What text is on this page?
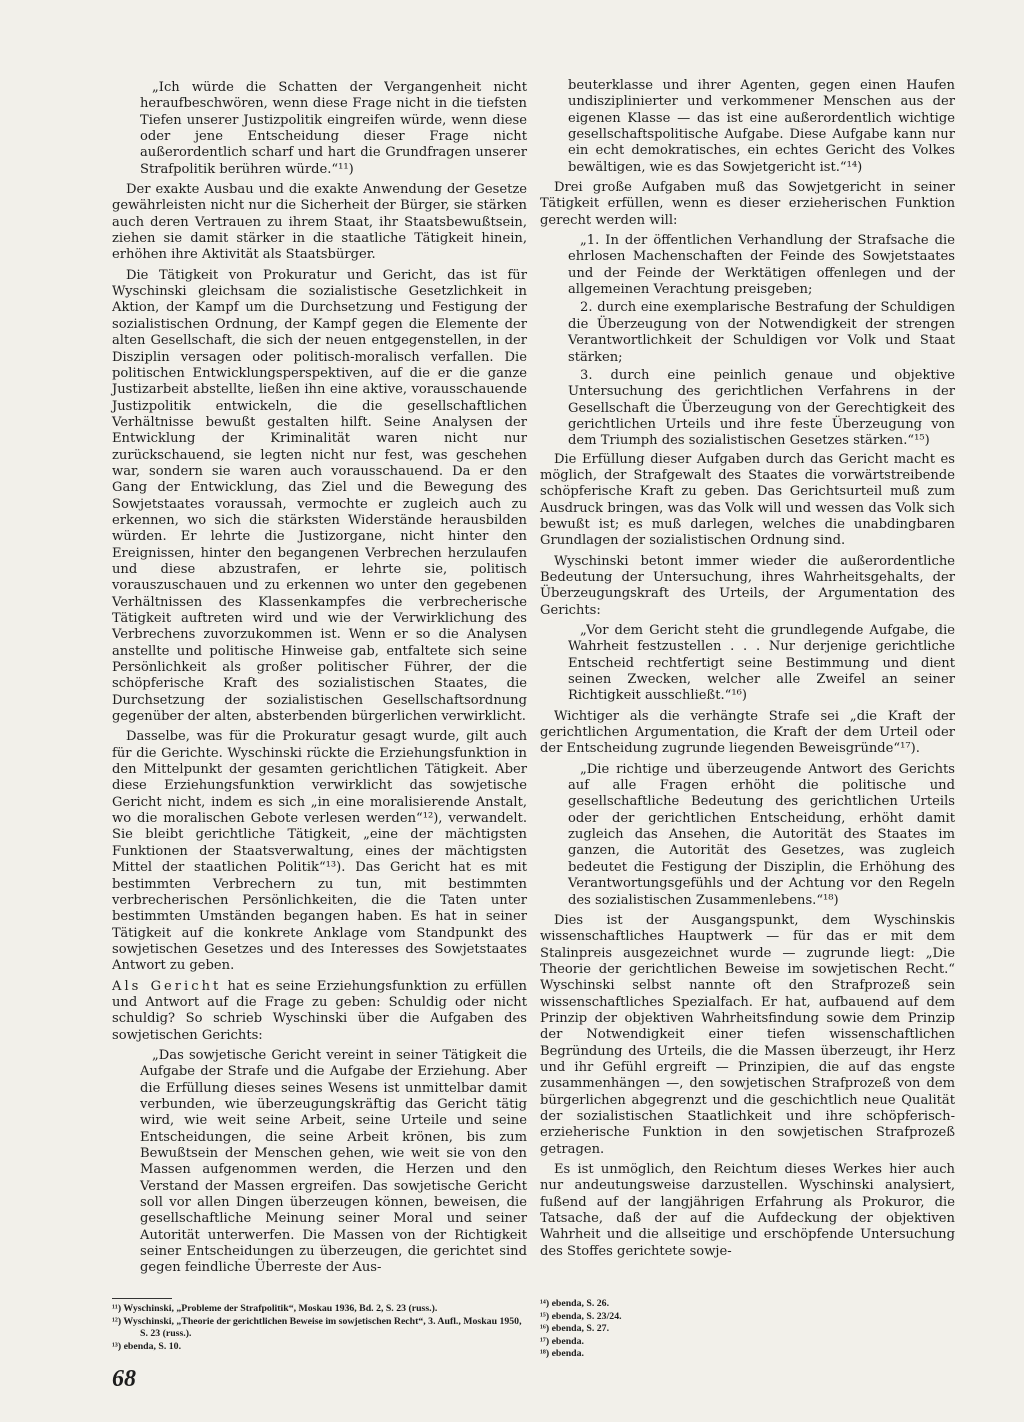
„Ich würde die Schatten der Vergangenheit nicht heraufbeschwören, wenn diese Frage nicht in die tiefsten Tiefen unserer Justizpolitik eingreifen würde, wenn diese oder jene Entscheidung dieser Frage nicht außerordentlich scharf und hart die Grundfragen unserer Strafpolitik berühren würde.“¹¹)

Der exakte Ausbau und die exakte Anwendung der Gesetze gewährleisten nicht nur die Sicherheit der Bürger, sie stärken auch deren Vertrauen zu ihrem Staat, ihr Staatsbewußtsein, ziehen sie damit stärker in die staatliche Tätigkeit hinein, erhöhen ihre Aktivität als Staatsbürger.

Die Tätigkeit von Prokuratur und Gericht, das ist für Wyschinski gleichsam die sozialistische Gesetzlichkeit in Aktion, der Kampf um die Durchsetzung und Festigung der sozialistischen Ordnung, der Kampf gegen die Elemente der alten Gesellschaft, die sich der neuen entgegenstellen, in der Disziplin versagen oder politisch-moralisch verfallen. Die politischen Entwicklungsperspektiven, auf die er die ganze Justizarbeit abstellte, ließen ihn eine aktive, vorausschauende Justizpolitik entwickeln, die die gesellschaftlichen Verhältnisse bewußt gestalten hilft. Seine Analysen der Entwicklung der Kriminalität waren nicht nur zurückschauend, sie legten nicht nur fest, was geschehen war, sondern sie waren auch vorausschauend. Da er den Gang der Entwicklung, das Ziel und die Bewegung des Sowjetstaates voraussah, vermochte er zugleich auch zu erkennen, wo sich die stärksten Widerstände herausbilden würden. Er lehrte die Justizorgane, nicht hinter den Ereignissen, hinter den begangenen Verbrechen herzulaufen und diese abzustrafen, er lehrte sie, politisch vorauszuschauen und zu erkennen wo unter den gegebenen Verhältnissen des Klassenkampfes die verbrecherische Tätigkeit auftreten wird und wie der Verwirklichung des Verbrechens zuvorzukommen ist. Wenn er so die Analysen anstellte und politische Hinweise gab, entfaltete sich seine Persönlichkeit als großer politischer Führer, der die schöpferische Kraft des sozialistischen Staates, die Durchsetzung der sozialistischen Gesellschaftsordnung gegenüber der alten, absterbenden bürgerlichen verwirklicht.

Dasselbe, was für die Prokuratur gesagt wurde, gilt auch für die Gerichte. Wyschinski rückte die Erziehungsfunktion in den Mittelpunkt der gesamten gerichtlichen Tätigkeit. Aber diese Erziehungsfunktion verwirklicht das sowjetische Gericht nicht, indem es sich „in eine moralisierende Anstalt, wo die moralischen Gebote verlesen werden“¹²), verwandelt. Sie bleibt gerichtliche Tätigkeit, „eine der mächtigsten Funktionen der Staatsverwaltung, eines der mächtigsten Mittel der staatlichen Politik“¹³). Das Gericht hat es mit bestimmten Verbrechern zu tun, mit bestimmten verbrecherischen Persönlichkeiten, die die Taten unter bestimmten Umständen begangen haben. Es hat in seiner Tätigkeit auf die konkrete Anklage vom Standpunkt des sowjetischen Gesetzes und des Interesses des Sowjetstaates Antwort zu geben.

Als Gericht hat es seine Erziehungsfunktion zu erfüllen und Antwort auf die Frage zu geben: Schuldig oder nicht schuldig? So schrieb Wyschinski über die Aufgaben des sowjetischen Gerichts:

„Das sowjetische Gericht vereint in seiner Tätigkeit die Aufgabe der Strafe und die Aufgabe der Erziehung. Aber die Erfüllung dieses seines Wesens ist unmittelbar damit verbunden, wie überzeugungskräftig das Gericht tätig wird, wie weit seine Arbeit, seine Urteile und seine Entscheidungen, die seine Arbeit krönen, bis zum Bewußtsein der Menschen gehen, wie weit sie von den Massen aufgenommen werden, die Herzen und den Verstand der Massen ergreifen. Das sowjetische Gericht soll vor allen Dingen überzeugen können, beweisen, die gesellschaftliche Meinung seiner Moral und seiner Autorität unterwerfen. Die Massen von der Richtigkeit seiner Entscheidungen zu überzeugen, die gerichtet sind gegen feindliche Überreste der Aus-

beuterklasse und ihrer Agenten, gegen einen Haufen undisziplinierter und verkommener Menschen aus der eigenen Klasse — das ist eine außerordentlich wichtige gesellschaftspolitische Aufgabe. Diese Aufgabe kann nur ein echt demokratisches, ein echtes Gericht des Volkes bewältigen, wie es das Sowjetgericht ist.“¹⁴)

Drei große Aufgaben muß das Sowjetgericht in seiner Tätigkeit erfüllen, wenn es dieser erzieherischen Funktion gerecht werden will:

„1. In der öffentlichen Verhandlung der Strafsache die ehrlosen Machenschaften der Feinde des Sowjetstaates und der Feinde der Werktätigen offenlegen und der allgemeinen Verachtung preisgeben;

2. durch eine exemplarische Bestrafung der Schuldigen die Überzeugung von der Notwendigkeit der strengen Verantwortlichkeit der Schuldigen vor Volk und Staat stärken;

3. durch eine peinlich genaue und objektive Untersuchung des gerichtlichen Verfahrens in der Gesellschaft die Überzeugung von der Gerechtigkeit des gerichtlichen Urteils und ihre feste Überzeugung von dem Triumph des sozialistischen Gesetzes stärken.“¹⁵)

Die Erfüllung dieser Aufgaben durch das Gericht macht es möglich, der Strafgewalt des Staates die vorwärtstreibende schöpferische Kraft zu geben. Das Gerichtsurteil muß zum Ausdruck bringen, was das Volk will und wessen das Volk sich bewußt ist; es muß darlegen, welches die unabdingbaren Grundlagen der sozialistischen Ordnung sind.

Wyschinski betont immer wieder die außerordentliche Bedeutung der Untersuchung, ihres Wahrheitsgehalts, der Überzeugungskraft des Urteils, der Argumentation des Gerichts:

„Vor dem Gericht steht die grundlegende Aufgabe, die Wahrheit festzustellen . . . Nur derjenige gerichtliche Entscheid rechtfertigt seine Bestimmung und dient seinen Zwecken, welcher alle Zweifel an seiner Richtigkeit ausschließt.“¹⁶)

Wichtiger als die verhängte Strafe sei „die Kraft der gerichtlichen Argumentation, die Kraft der dem Urteil oder der Entscheidung zugrunde liegenden Beweisgründe“¹⁷).

„Die richtige und überzeugende Antwort des Gerichts auf alle Fragen erhöht die politische und gesellschaftliche Bedeutung des gerichtlichen Urteils oder der gerichtlichen Entscheidung, erhöht damit zugleich das Ansehen, die Autorität des Staates im ganzen, die Autorität des Gesetzes, was zugleich bedeutet die Festigung der Disziplin, die Erhöhung des Verantwortungsgefühls und der Achtung vor den Regeln des sozialistischen Zusammenlebens.“¹⁸)

Dies ist der Ausgangspunkt, dem Wyschinskis wissenschaftliches Hauptwerk — für das er mit dem Stalinpreis ausgezeichnet wurde — zugrunde liegt: „Die Theorie der gerichtlichen Beweise im sowjetischen Recht.“ Wyschinski selbst nannte oft den Strafprozeß sein wissenschaftliches Spezialfach. Er hat, aufbauend auf dem Prinzip der objektiven Wahrheitsfindung sowie dem Prinzip der Notwendigkeit einer tiefen wissenschaftlichen Begründung des Urteils, die die Massen überzeugt, ihr Herz und ihr Gefühl ergreift — Prinzipien, die auf das engste zusammenhängen —, den sowjetischen Strafprozeß von dem bürgerlichen abgegrenzt und die geschichtlich neue Qualität der sozialistischen Staatlichkeit und ihre schöpferisch-erzieherische Funktion in den sowjetischen Strafprozeß getragen.

Es ist unmöglich, den Reichtum dieses Werkes hier auch nur andeutungsweise darzustellen. Wyschinski analysiert, fußend auf der langjährigen Erfahrung als Prokuror, die Tatsache, daß der auf die Aufdeckung der objektiven Wahrheit und die allseitige und erschöpfende Untersuchung des Stoffes gerichtete sowje-

¹¹) Wyschinski, „Probleme der Strafpolitik“, Moskau 1936, Bd. 2, S. 23 (russ.).
¹²) Wyschinski, „Theorie der gerichtlichen Beweise im sowjetischen Recht“, 3. Aufl., Moskau 1950, S. 23 (russ.).
¹³) ebenda, S. 10.
¹⁴) ebenda, S. 26.
¹⁵) ebenda, S. 23/24.
¹⁶) ebenda, S. 27.
¹⁷) ebenda.
¹⁸) ebenda.
68
